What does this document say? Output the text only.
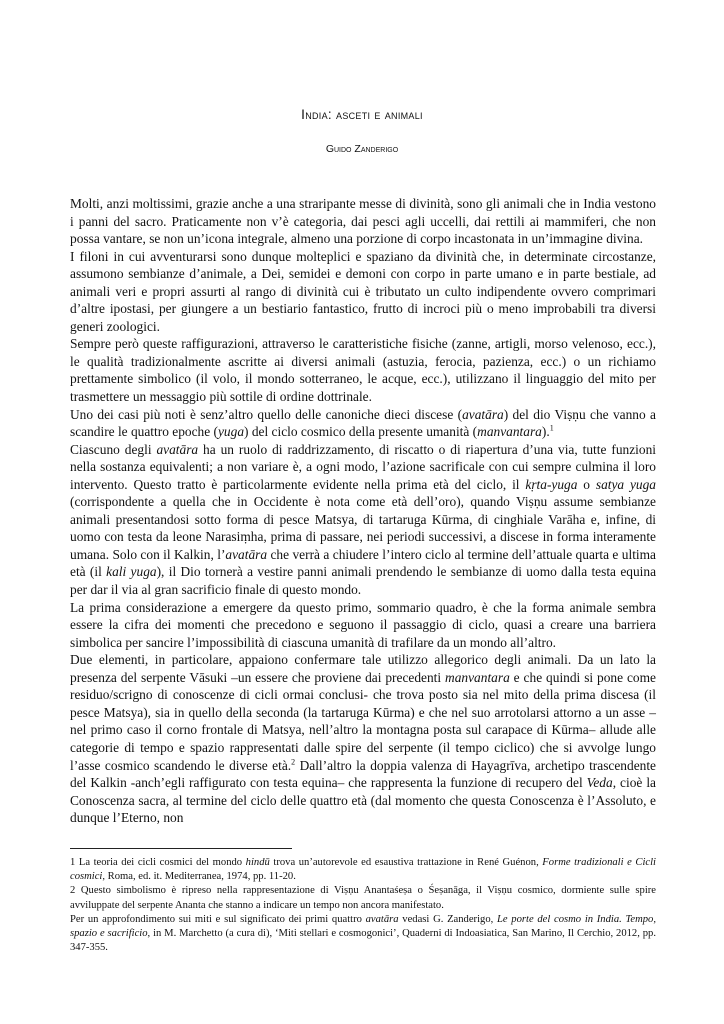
India: asceti e animali
Guido Zanderigo

Molti, anzi moltissimi, grazie anche a una straripante messe di divinità, sono gli animali che in India vestono i panni del sacro. Praticamente non v’è categoria, dai pesci agli uccelli, dai rettili ai mammiferi, che non possa vantare, se non un’icona integrale, almeno una porzione di corpo incastonata in un’immagine divina.

I filoni in cui avventurarsi sono dunque molteplici e spaziano da divinità che, in determinate circostanze, assumono sembianze d’animale, a Dei, semidei e demoni con corpo in parte umano e in parte bestiale, ad animali veri e propri assurti al rango di divinità cui è tributato un culto indipendente ovvero comprimari d’altre ipostasi, per giungere a un bestiario fantastico, frutto di incroci più o meno improbabili tra diversi generi zoologici.

Sempre però queste raffigurazioni, attraverso le caratteristiche fisiche (zanne, artigli, morso velenoso, ecc.), le qualità tradizionalmente ascritte ai diversi animali (astuzia, ferocia, pazienza, ecc.) o un richiamo prettamente simbolico (il volo, il mondo sotterraneo, le acque, ecc.), utilizzano il linguaggio del mito per trasmettere un messaggio più sottile di ordine dottrinale.

Uno dei casi più noti è senz’altro quello delle canoniche dieci discese (avatāra) del dio Viṣṇu che vanno a scandire le quattro epoche (yuga) del ciclo cosmico della presente umanità (manvantara).$^1$

Ciascuno degli avatāra ha un ruolo di raddrizzamento, di riscatto o di riapertura d’una via, tutte funzioni nella sostanza equivalenti; a non variare è, a ogni modo, l’azione sacrificale con cui sempre culmina il loro intervento. Questo tratto è particolarmente evidente nella prima età del ciclo, il kṛta-yuga o satya yuga (corrispondente a quella che in Occidente è nota come età dell’oro), quando Viṣṇu assume sembianze animali presentandosi sotto forma di pesce Matsya, di tartaruga Kūrma, di cinghiale Varāha e, infine, di uomo con testa da leone Narasiṃha, prima di passare, nei periodi successivi, a discese in forma interamente umana. Solo con il Kalkin, l’avatāra che verrà a chiudere l’intero ciclo al termine dell’attuale quarta e ultima età (il kali yuga), il Dio tornerà a vestire panni animali prendendo le sembianze di uomo dalla testa equina per dar il via al gran sacrificio finale di questo mondo.

La prima considerazione a emergere da questo primo, sommario quadro, è che la forma animale sembra essere la cifra dei momenti che precedono e seguono il passaggio di ciclo, quasi a creare una barriera simbolica per sancire l’impossibilità di ciascuna umanità di trafilare da un mondo all’altro.

Due elementi, in particolare, appaiono confermare tale utilizzo allegorico degli animali. Da un lato la presenza del serpente Vāsuki –un essere che proviene dai precedenti manvantara e che quindi si pone come residuo/scrigno di conoscenze di cicli ormai conclusi- che trova posto sia nel mito della prima discesa (il pesce Matsya), sia in quello della seconda (la tartaruga Kūrma) e che nel suo arrotolarsi attorno a un asse –nel primo caso il corno frontale di Matsya, nell’altro la montagna posta sul carapace di Kūrma– allude alle categorie di tempo e spazio rappresentati dalle spire del serpente (il tempo ciclico) che si avvolge lungo l’asse cosmico scandendo le diverse età.$^2$ Dall’altro la doppia valenza di Hayagrīva, archetipo trascendente del Kalkin -anch’egli raffigurato con testa equina– che rappresenta la funzione di recupero del Veda, cioè la Conoscenza sacra, al termine del ciclo delle quattro età (dal momento che questa Conoscenza è l’Assoluto, e dunque l’Eterno, non

1 La teoria dei cicli cosmici del mondo hindū trova un’autorevole ed esaustiva trattazione in René Guénon, Forme tradizionali e Cicli cosmici, Roma, ed. it. Mediterranea, 1974, pp. 11-20.

2 Questo simbolismo è ripreso nella rappresentazione di Viṣṇu Anantaśeṣa o Śeṣanāga, il Viṣṇu cosmico, dormiente sulle spire avviluppate del serpente Ananta che stanno a indicare un tempo non ancora manifestato.

Per un approfondimento sui miti e sul significato dei primi quattro avatāra vedasi G. Zanderigo, Le porte del cosmo in India. Tempo, spazio e sacrificio, in M. Marchetto (a cura di), ‘Miti stellari e cosmogonici’, Quaderni di Indoasiatica, San Marino, Il Cerchio, 2012, pp. 347-355.
